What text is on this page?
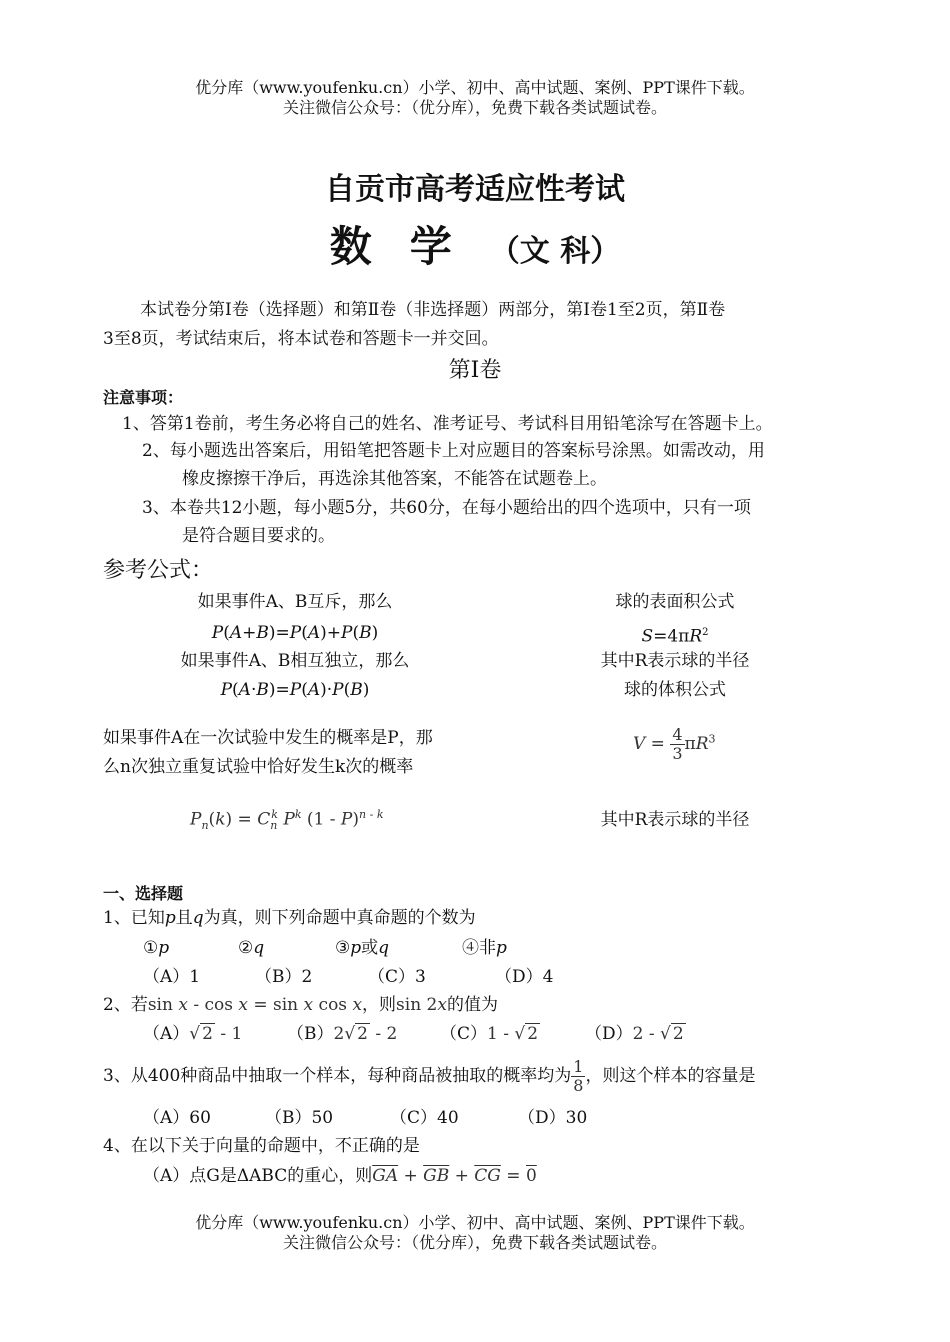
优分库（www.youfenku.cn）小学、初中、高中试题、案例、PPT课件下载。
关注微信公众号：（优分库），免费下载各类试题试卷。
自贡市高考适应性考试
数学（文 科）
本试卷分第Ⅰ卷（选择题）和第Ⅱ卷（非选择题）两部分，第Ⅰ卷1至2页，第Ⅱ卷
3至8页，考试结束后，将本试卷和答题卡一并交回。
第Ⅰ卷
注意事项：
1、答第1卷前，考生务必将自己的姓名、准考证号、考试科目用铅笔涂写在答题卡上。
2、每小题选出答案后，用铅笔把答题卡上对应题目的答案标号涂黑。如需改动，用
橡皮擦擦干净后，再选涂其他答案，不能答在试题卷上。
3、本卷共12小题，每小题5分，共60分，在每小题给出的四个选项中，只有一项
是符合题目要求的。
参考公式：
如果事件A、B互斥，那么
P(A+B)=P(A)+P(B)
如果事件A、B相互独立，那么
P(A·B)=P(A)·P(B)
如果事件A在一次试验中发生的概率是P，那
么n次独立重复试验中恰好发生k次的概率
$P_n(k) = C_n^k$ $P^k$ (1 - P)$^{n - k}$
球的表面积公式
$S=4\pi R^2$
其中R表示球的半径
球的体积公式
$V = \frac{4}{3} \pi R^3$
其中R表示球的半径
一、选择题
1、已知p且q为真，则下列命题中真命题的个数为
①p	②q	③p或q	④非p
（A）1	（B）2	（C）3	（D）4
2、若sin x - cos x = sin x cos x，则sin 2x的值为
（A）√ 2 - 1	（B）2√ 2 - 2	（C）1 - √ 2	（D）2 - √ 2
3、从400种商品中抽取一个样本，每种商品被抽取的概率均为 $\frac{1}{8}$ ，则这个样本的容量是
（A）60	（B）50	（C）40	（D）30
4、在以下关于向量的命题中，不正确的是
（A）点G是ΔABC的重心，则$\overline{GA} + \overline{GB} + \overline{CG} = 0$
优分库（www.youfenku.cn）小学、初中、高中试题、案例、PPT课件下载。
关注微信公众号：（优分库），免费下载各类试题试卷。
